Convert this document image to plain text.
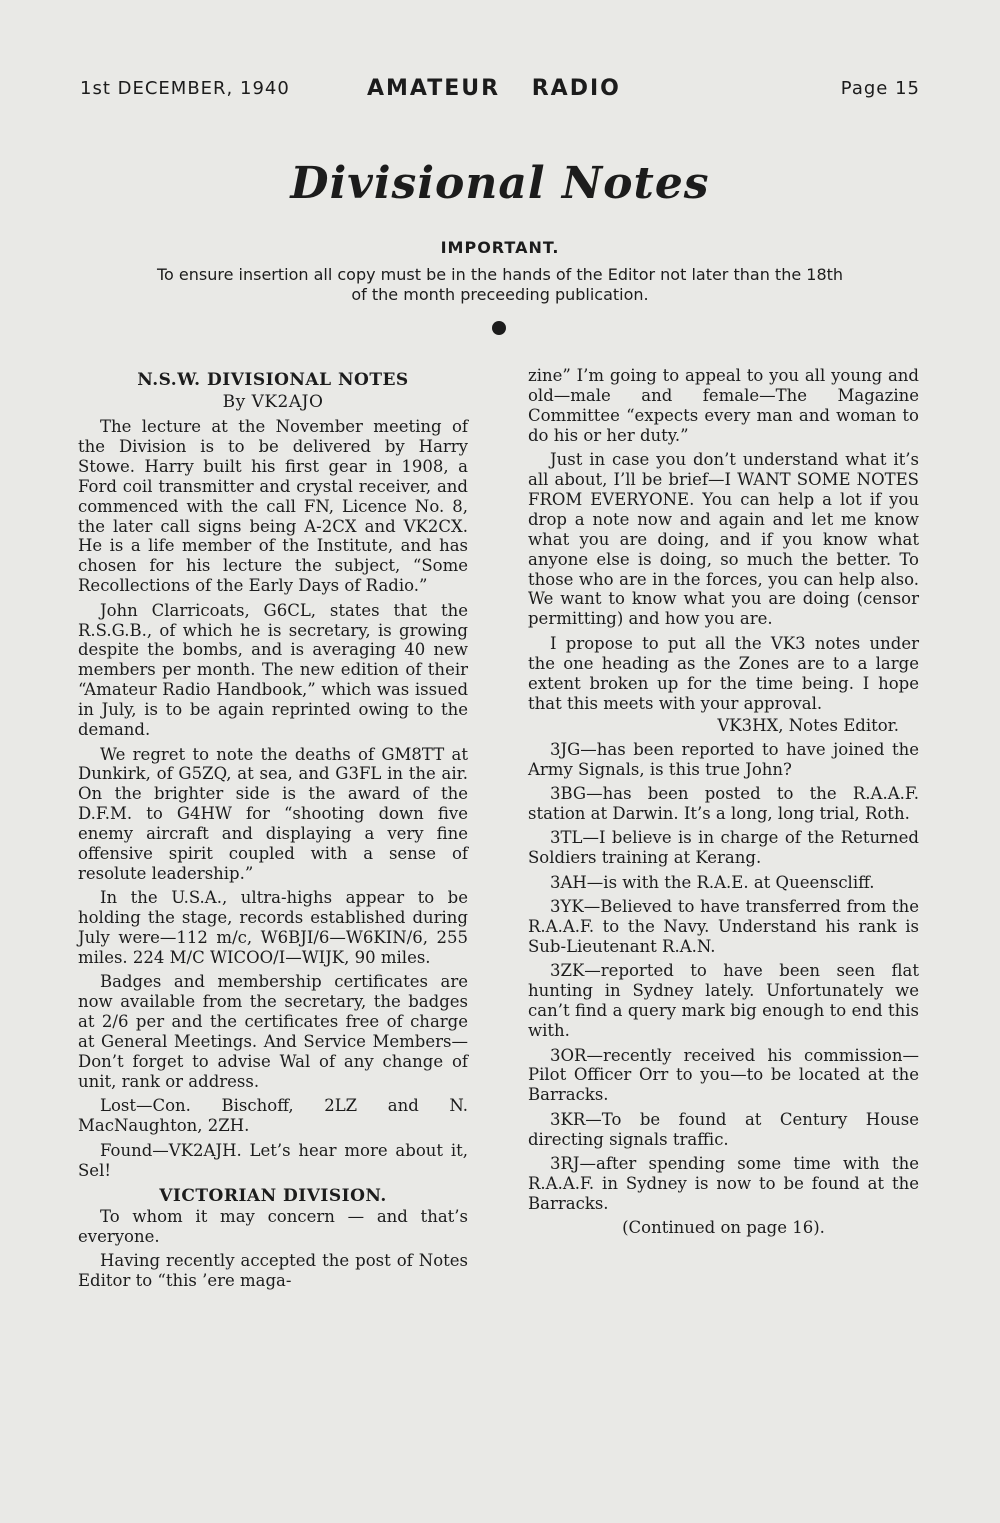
1st DECEMBER, 1940	AMATEUR RADIO	Page 15
Divisional Notes
IMPORTANT.
To ensure insertion all copy must be in the hands of the Editor not later than the 18th of the month preceeding publication.
N.S.W. DIVISIONAL NOTES
By VK2AJO

The lecture at the November meeting of the Division is to be delivered by Harry Stowe. Harry built his first gear in 1908, a Ford coil transmitter and crystal receiver, and commenced with the call FN, Licence No. 8, the later call signs being A-2CX and VK2CX. He is a life member of the Institute, and has chosen for his lecture the subject, “Some Recollections of the Early Days of Radio.”

John Clarricoats, G6CL, states that the R.S.G.B., of which he is secretary, is growing despite the bombs, and is averaging 40 new members per month. The new edition of their “Amateur Radio Handbook,” which was issued in July, is to be again reprinted owing to the demand.

We regret to note the deaths of GM8TT at Dunkirk, of G5ZQ, at sea, and G3FL in the air. On the brighter side is the award of the D.F.M. to G4HW for “shooting down five enemy aircraft and displaying a very fine offensive spirit coupled with a sense of resolute leadership.”

In the U.S.A., ultra-highs appear to be holding the stage, records established during July were—112 m/c, W6BJI/6—W6KIN/6, 255 miles. 224 M/C WICOO/I—WIJK, 90 miles.

Badges and membership certificates are now available from the secretary, the badges at 2/6 per and the certificates free of charge at General Meetings. And Service Members—Don’t forget to advise Wal of any change of unit, rank or address.

Lost—Con. Bischoff, 2LZ and N. MacNaughton, 2ZH.

Found—VK2AJH. Let’s hear more about it, Sel!

VICTORIAN DIVISION.

To whom it may concern — and that’s everyone.

Having recently accepted the post of Notes Editor to “this ’ere maga-

zine” I’m going to appeal to you all young and old—male and female—The Magazine Committee “expects every man and woman to do his or her duty.”

Just in case you don’t understand what it’s all about, I’ll be brief—I WANT SOME NOTES FROM EVERYONE. You can help a lot if you drop a note now and again and let me know what you are doing, and if you know what anyone else is doing, so much the better. To those who are in the forces, you can help also. We want to know what you are doing (censor permitting) and how you are.

I propose to put all the VK3 notes under the one heading as the Zones are to a large extent broken up for the time being. I hope that this meets with your approval.

VK3HX, Notes Editor.

3JG—has been reported to have joined the Army Signals, is this true John?

3BG—has been posted to the R.A.A.F. station at Darwin. It’s a long, long trial, Roth.

3TL—I believe is in charge of the Returned Soldiers training at Kerang.

3AH—is with the R.A.E. at Queenscliff.

3YK—Believed to have transferred from the R.A.A.F. to the Navy. Understand his rank is Sub-Lieutenant R.A.N.

3ZK—reported to have been seen flat hunting in Sydney lately. Unfortunately we can’t find a query mark big enough to end this with.

3OR—recently received his commission—Pilot Officer Orr to you—to be located at the Barracks.

3KR—To be found at Century House directing signals traffic.

3RJ—after spending some time with the R.A.A.F. in Sydney is now to be found at the Barracks.

(Continued on page 16).
